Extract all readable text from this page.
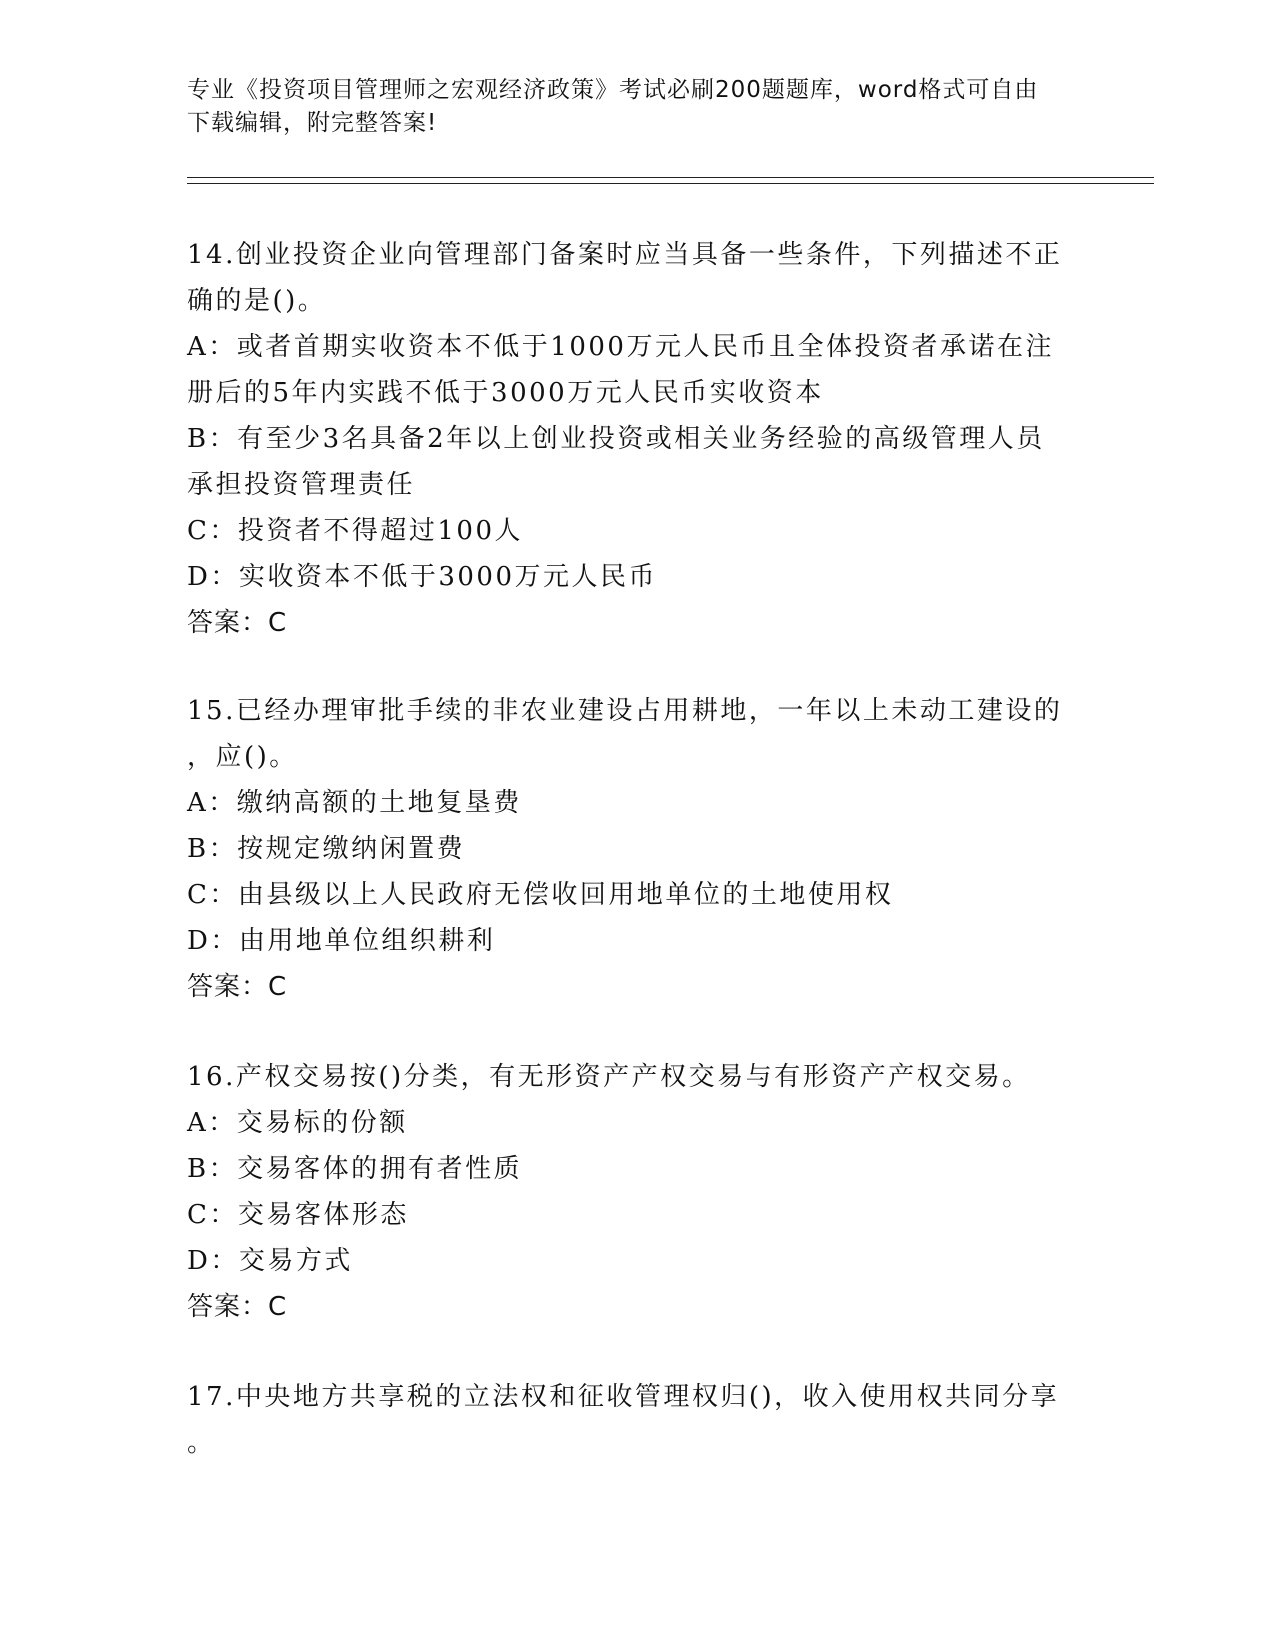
专业《投资项目管理师之宏观经济政策》考试必刷200题题库，word格式可自由
下载编辑，附完整答案!
14.创业投资企业向管理部门备案时应当具备一些条件，下列描述不正
确的是()。
A：或者首期实收资本不低于1000万元人民币且全体投资者承诺在注
册后的5年内实践不低于3000万元人民币实收资本
B：有至少3名具备2年以上创业投资或相关业务经验的高级管理人员
承担投资管理责任
C：投资者不得超过100人
D：实收资本不低于3000万元人民币
答案：C
15.已经办理审批手续的非农业建设占用耕地，一年以上未动工建设的
，应()。
A：缴纳高额的土地复垦费
B：按规定缴纳闲置费
C：由县级以上人民政府无偿收回用地单位的土地使用权
D：由用地单位组织耕利
答案：C
16.产权交易按()分类，有无形资产产权交易与有形资产产权交易。
A：交易标的份额
B：交易客体的拥有者性质
C：交易客体形态
D：交易方式
答案：C
17.中央地方共享税的立法权和征收管理权归()，收入使用权共同分享
。
